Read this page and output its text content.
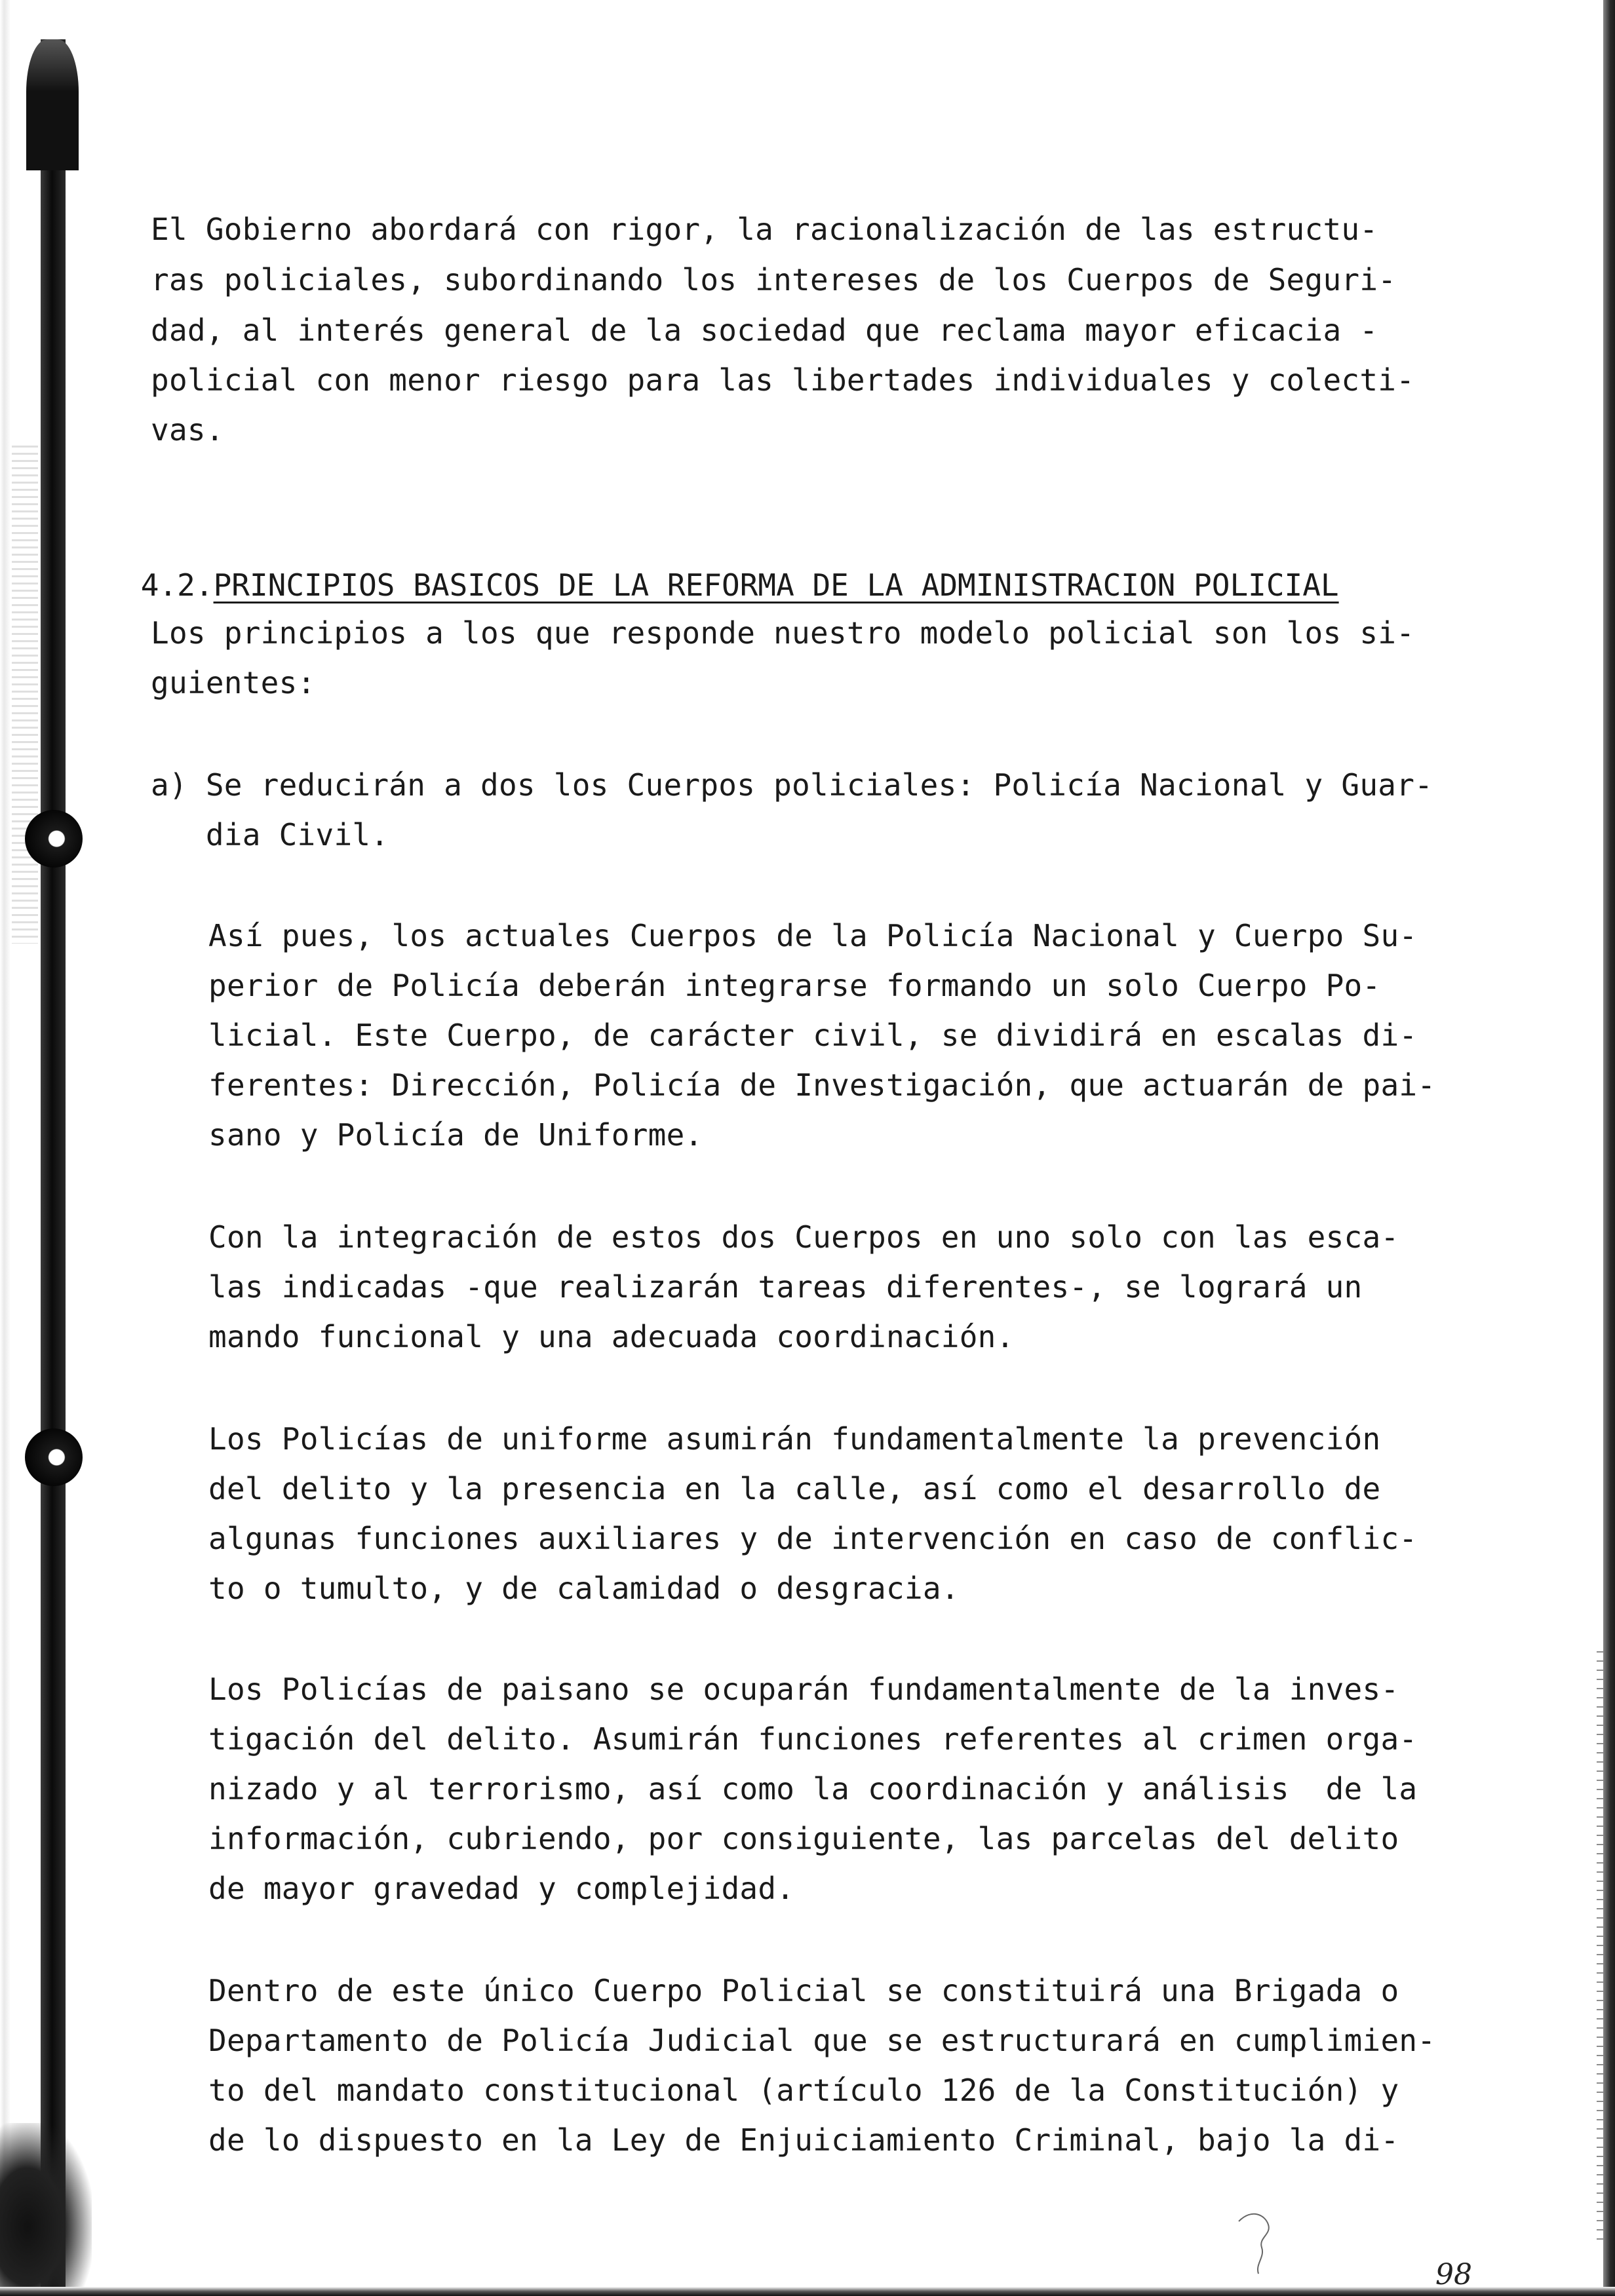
El Gobierno abordará con rigor, la racionalización de las estructu-
ras policiales, subordinando los intereses de los Cuerpos de Seguri-
dad, al interés general de la sociedad que reclama mayor eficacia -
policial con menor riesgo para las libertades individuales y colecti-
vas.

4.2.PRINCIPIOS BASICOS DE LA REFORMA DE LA ADMINISTRACION POLICIAL

Los principios a los que responde nuestro modelo policial son los si-
guientes:
a) Se reducirán a dos los Cuerpos policiales: Policía Nacional y Guar-
dia Civil.
Así pues, los actuales Cuerpos de la Policía Nacional y Cuerpo Su-
perior de Policía deberán integrarse formando un solo Cuerpo Po-
licial. Este Cuerpo, de carácter civil, se dividirá en escalas di-
ferentes: Dirección, Policía de Investigación, que actuarán de pai-
sano y Policía de Uniforme.
Con la integración de estos dos Cuerpos en uno solo con las esca-
las indicadas -que realizarán tareas diferentes-, se logrará un
mando funcional y una adecuada coordinación.
Los Policías de uniforme asumirán fundamentalmente la prevención
del delito y la presencia en la calle, así como el desarrollo de
algunas funciones auxiliares y de intervención en caso de conflic-
to o tumulto, y de calamidad o desgracia.
Los Policías de paisano se ocuparán fundamentalmente de la inves-
tigación del delito. Asumirán funciones referentes al crimen orga-
nizado y al terrorismo, así como la coordinación y análisis  de la
información, cubriendo, por consiguiente, las parcelas del delito
de mayor gravedad y complejidad.
Dentro de este único Cuerpo Policial se constituirá una Brigada o
Departamento de Policía Judicial que se estructurará en cumplimien-
to del mandato constitucional (artículo 126 de la Constitución) y
de lo dispuesto en la Ley de Enjuiciamiento Criminal, bajo la di-
98
